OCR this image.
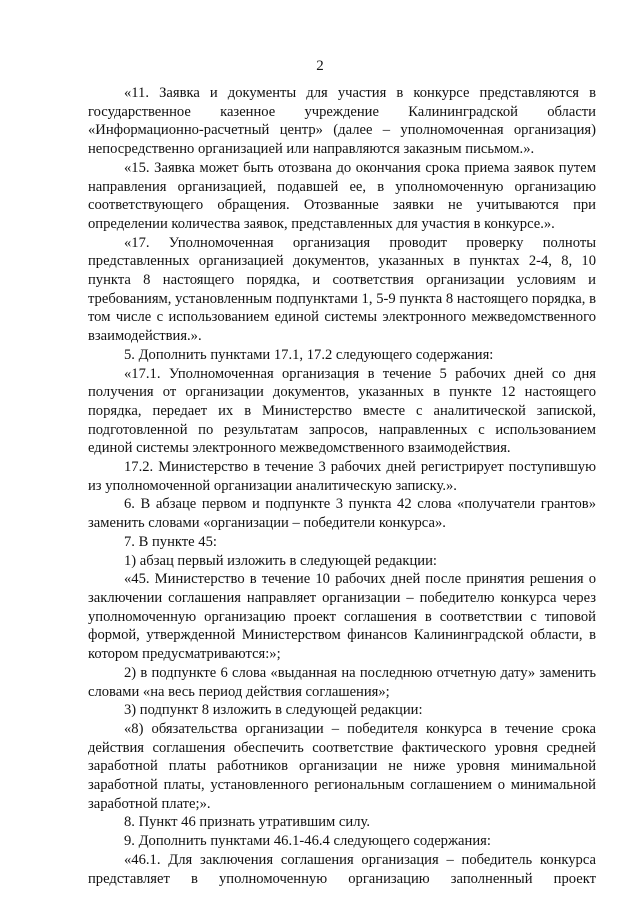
2

«11. Заявка и документы для участия в конкурсе представляются в государственное казенное учреждение Калининградской области «Информационно-расчетный центр» (далее – уполномоченная организация) непосредственно организацией или направляются заказным письмом.».

«15. Заявка может быть отозвана до окончания срока приема заявок путем направления организацией, подавшей ее, в уполномоченную организацию соответствующего обращения. Отозванные заявки не учитываются при определении количества заявок, представленных для участия в конкурсе.».

«17. Уполномоченная организация проводит проверку полноты представленных организацией документов, указанных в пунктах 2-4, 8, 10 пункта 8 настоящего порядка, и соответствия организации условиям и требованиям, установленным подпунктами 1, 5-9 пункта 8 настоящего порядка, в том числе с использованием единой системы электронного межведомственного взаимодействия.».

5. Дополнить пунктами 17.1, 17.2 следующего содержания:

«17.1. Уполномоченная организация в течение 5 рабочих дней со дня получения от организации документов, указанных в пункте 12 настоящего порядка, передает их в Министерство вместе с аналитической запиской, подготовленной по результатам запросов, направленных с использованием единой системы электронного межведомственного взаимодействия.

17.2. Министерство в течение 3 рабочих дней регистрирует поступившую из уполномоченной организации аналитическую записку.».

6. В абзаце первом и подпункте 3 пункта 42 слова «получатели грантов» заменить словами «организации – победители конкурса».

7. В пункте 45:

1) абзац первый изложить в следующей редакции:

«45. Министерство в течение 10 рабочих дней после принятия решения о заключении соглашения направляет организации – победителю конкурса через уполномоченную организацию проект соглашения в соответствии с типовой формой, утвержденной Министерством финансов Калининградской области, в котором предусматриваются:»;

2) в подпункте 6 слова «выданная на последнюю отчетную дату» заменить словами «на весь период действия соглашения»;

3) подпункт 8 изложить в следующей редакции:

«8) обязательства организации – победителя конкурса в течение срока действия соглашения обеспечить соответствие фактического уровня средней заработной платы работников организации не ниже уровня минимальной заработной платы, установленного региональным соглашением о минимальной заработной плате;».

8. Пункт 46 признать утратившим силу.

9. Дополнить пунктами 46.1-46.4 следующего содержания:

«46.1. Для заключения соглашения организация – победитель конкурса представляет в уполномоченную организацию заполненный проект
